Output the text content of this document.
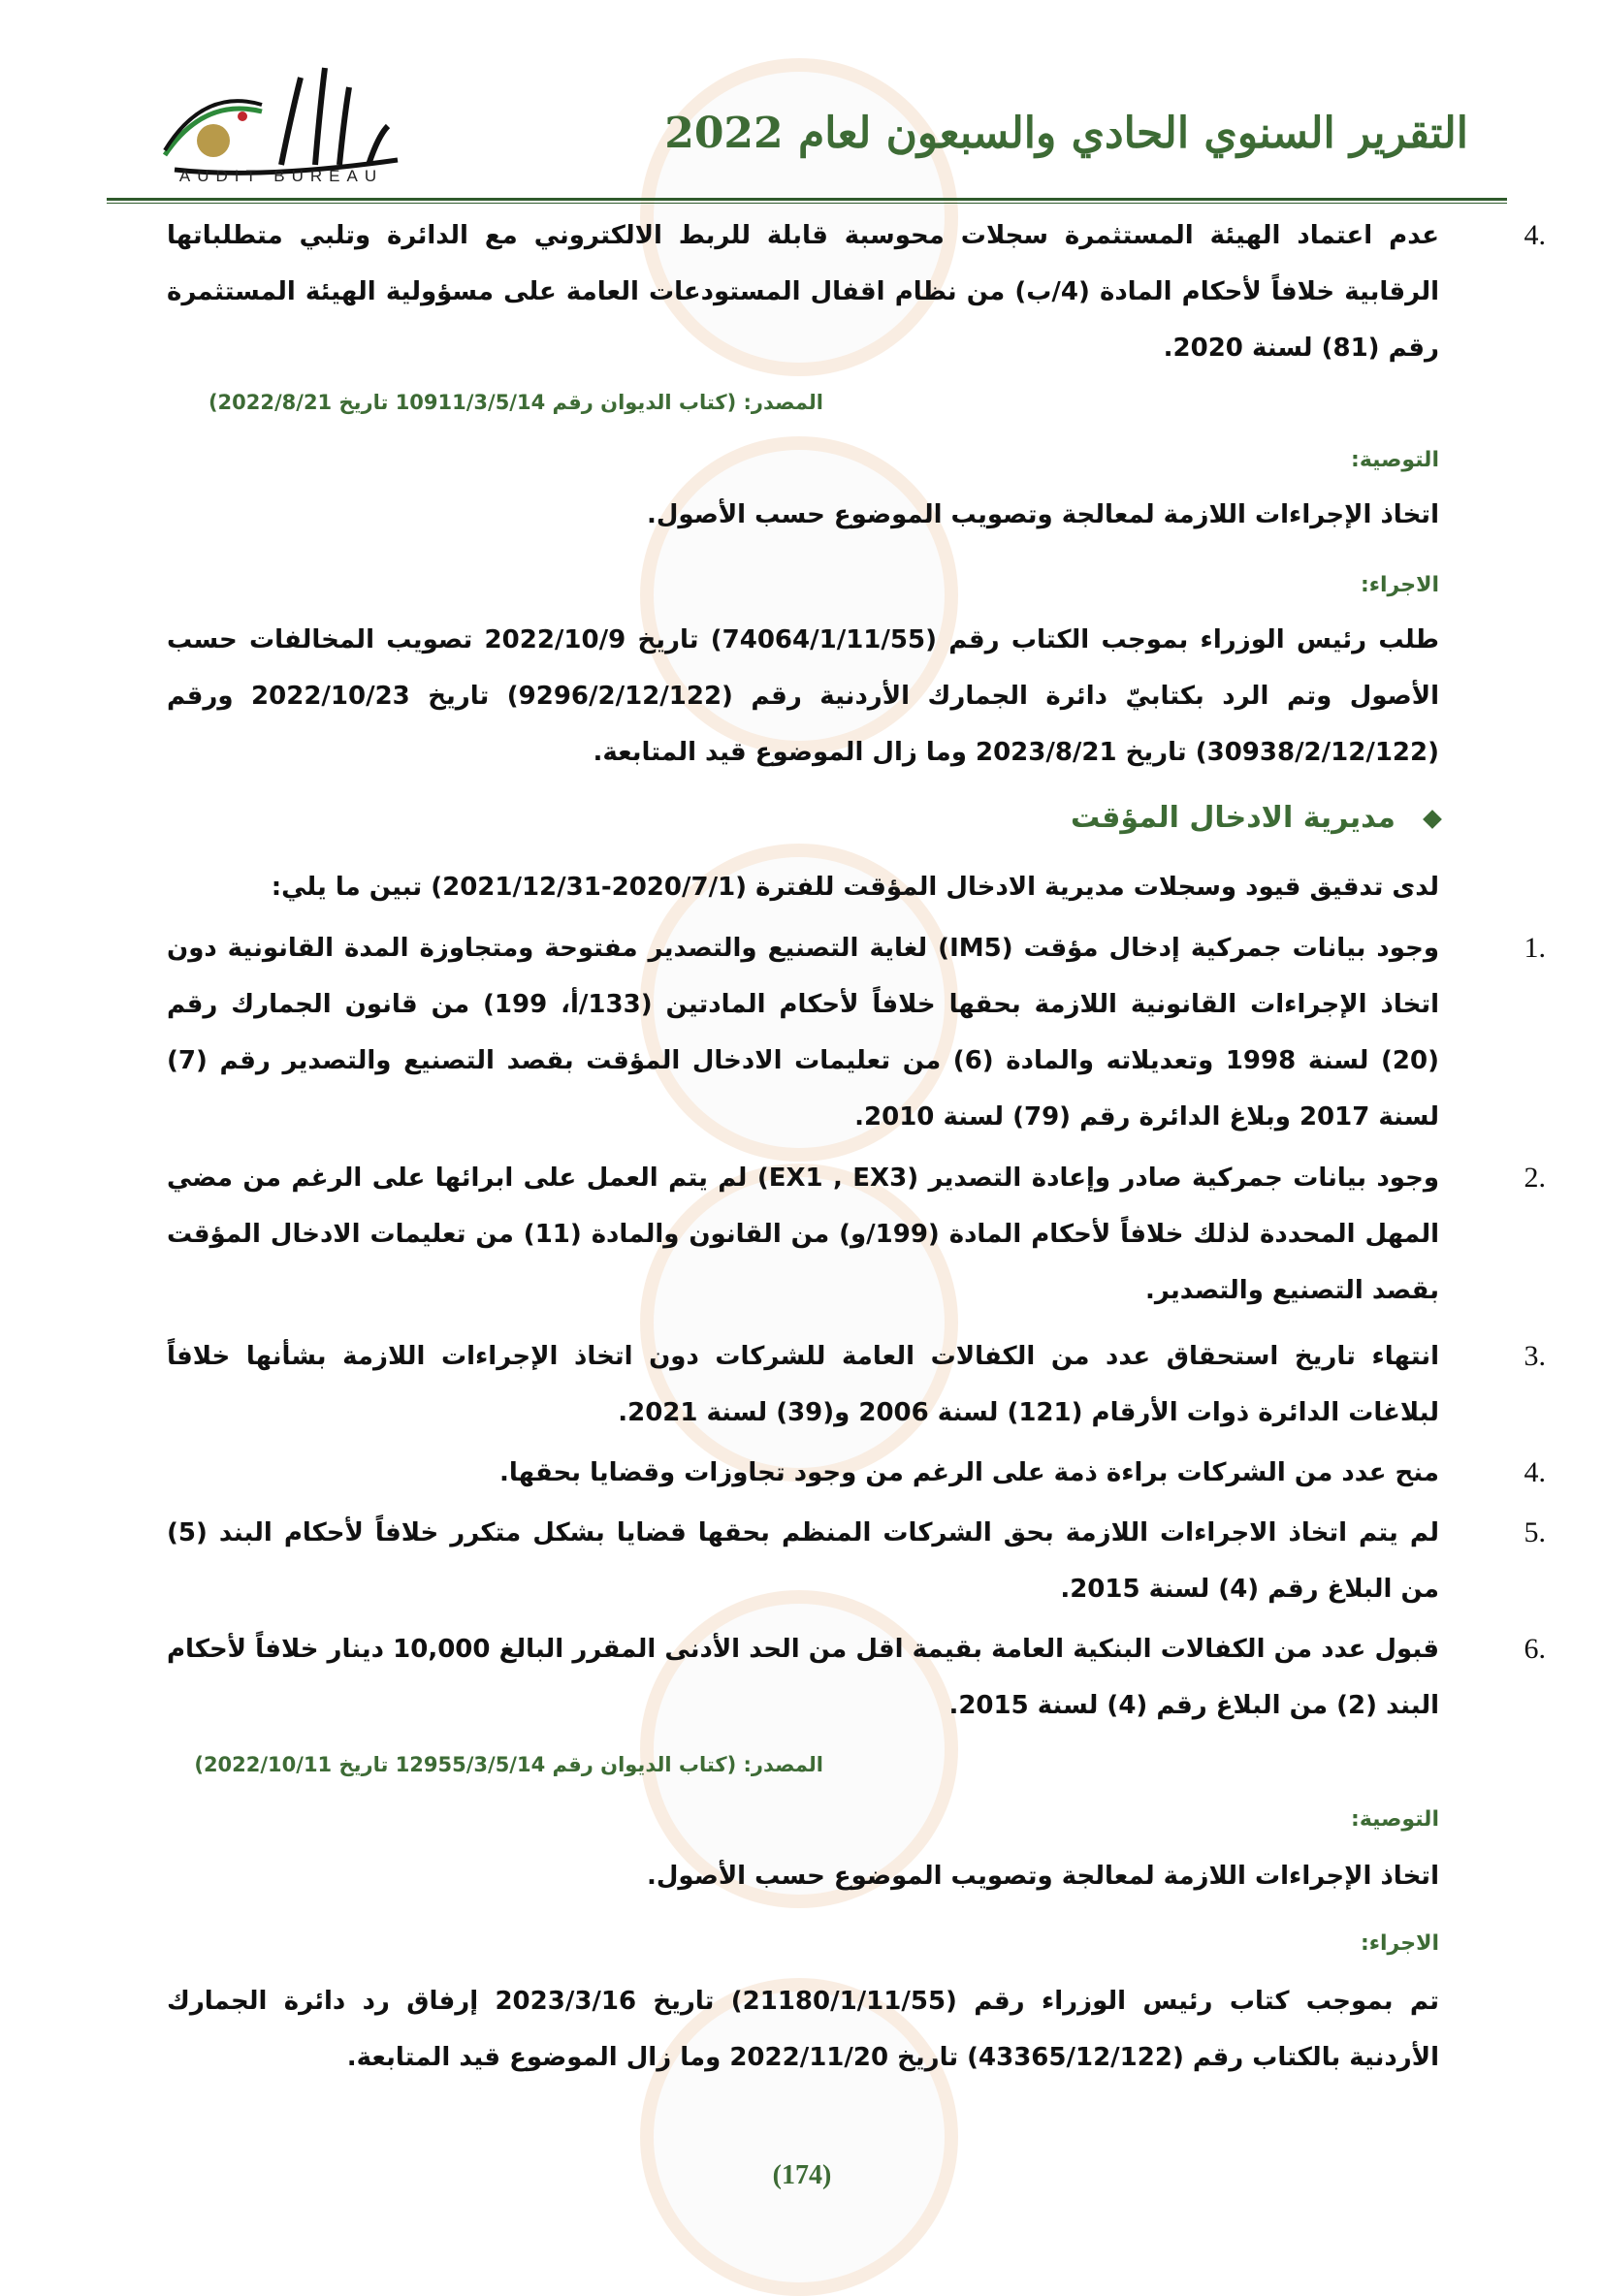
AUDIT BUREAU
التقرير السنوي الحادي والسبعون لعام 2022
4.
عدم اعتماد الهيئة المستثمرة سجلات محوسبة قابلة للربط الالكتروني مع الدائرة وتلبي متطلباتها الرقابية خلافاً لأحكام المادة (4/ب) من نظام اقفال المستودعات العامة على مسؤولية الهيئة المستثمرة رقم (81) لسنة 2020.
المصدر: (كتاب الديوان رقم 10911/3/5/14 تاريخ 2022/8/21)
التوصية:
اتخاذ الإجراءات اللازمة لمعالجة وتصويب الموضوع حسب الأصول.
الاجراء:
طلب رئيس الوزراء بموجب الكتاب رقم (74064/1/11/55) تاريخ 2022/10/9 تصويب المخالفات حسب الأصول وتم الرد بكتابيّ دائرة الجمارك الأردنية رقم (9296/2/12/122) تاريخ 2022/10/23 ورقم (30938/2/12/122) تاريخ 2023/8/21 وما زال الموضوع قيد المتابعة.
مديرية الادخال المؤقت
لدى تدقيق قيود وسجلات مديرية الادخال المؤقت للفترة (2020/7/1-2021/12/31) تبين ما يلي:
1.
وجود بيانات جمركية إدخال مؤقت (IM5) لغاية التصنيع والتصدير مفتوحة ومتجاوزة المدة القانونية دون اتخاذ الإجراءات القانونية اللازمة بحقها خلافاً لأحكام المادتين (133/أ، 199) من قانون الجمارك رقم (20) لسنة 1998 وتعديلاته والمادة (6) من تعليمات الادخال المؤقت بقصد التصنيع والتصدير رقم (7) لسنة 2017 وبلاغ الدائرة رقم (79) لسنة 2010.
2.
وجود بيانات جمركية صادر وإعادة التصدير (EX1 , EX3) لم يتم العمل على ابرائها على الرغم من مضي المهل المحددة لذلك خلافاً لأحكام المادة (199/و) من القانون والمادة (11) من تعليمات الادخال المؤقت بقصد التصنيع والتصدير.
3.
انتهاء تاريخ استحقاق عدد من الكفالات العامة للشركات دون اتخاذ الإجراءات اللازمة بشأنها خلافاً لبلاغات الدائرة ذوات الأرقام (121) لسنة 2006 و(39) لسنة 2021.
4.
منح عدد من الشركات براءة ذمة على الرغم من وجود تجاوزات وقضايا بحقها.
5.
لم يتم اتخاذ الاجراءات اللازمة بحق الشركات المنظم بحقها قضايا بشكل متكرر خلافاً لأحكام البند (5) من البلاغ رقم (4) لسنة 2015.
6.
قبول عدد من الكفالات البنكية العامة بقيمة اقل من الحد الأدنى المقرر البالغ 10,000 دينار خلافاً لأحكام البند (2) من البلاغ رقم (4) لسنة 2015.
المصدر: (كتاب الديوان رقم 12955/3/5/14 تاريخ 2022/10/11)
التوصية:
اتخاذ الإجراءات اللازمة لمعالجة وتصويب الموضوع حسب الأصول.
الاجراء:
تم بموجب كتاب رئيس الوزراء رقم (21180/1/11/55) تاريخ 2023/3/16 إرفاق رد دائرة الجمارك الأردنية بالكتاب رقم (43365/12/122) تاريخ 2022/11/20 وما زال الموضوع قيد المتابعة.
(174)
